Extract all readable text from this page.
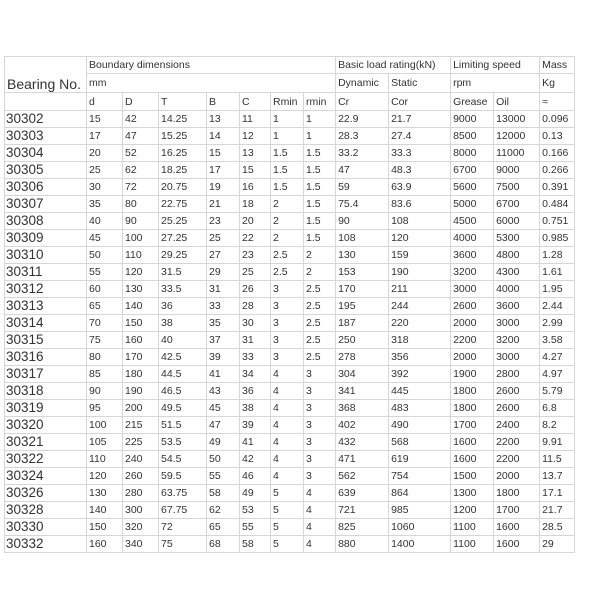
Bearing No.	Boundary dimensions							Basic load rating(kN)		Limiting speed		Mass
	mm							Dynamic	Static	rpm		Kg
	d	D	T	B	C	Rmin	rmin	Cr	Cor	Grease	Oil	≈
30302	15	42	14.25	13	11	1	1	22.9	21.7	9000	13000	0.096
30303	17	47	15.25	14	12	1	1	28.3	27.4	8500	12000	0.13
30304	20	52	16.25	15	13	1.5	1.5	33.2	33.3	8000	11000	0.166
30305	25	62	18.25	17	15	1.5	1.5	47	48.3	6700	9000	0.266
30306	30	72	20.75	19	16	1.5	1.5	59	63.9	5600	7500	0.391
30307	35	80	22.75	21	18	2	1.5	75.4	83.6	5000	6700	0.484
30308	40	90	25.25	23	20	2	1.5	90	108	4500	6000	0.751
30309	45	100	27.25	25	22	2	1.5	108	120	4000	5300	0.985
30310	50	110	29.25	27	23	2.5	2	130	159	3600	4800	1.28
30311	55	120	31.5	29	25	2.5	2	153	190	3200	4300	1.61
30312	60	130	33.5	31	26	3	2.5	170	211	3000	4000	1.95
30313	65	140	36	33	28	3	2.5	195	244	2600	3600	2.44
30314	70	150	38	35	30	3	2.5	187	220	2000	3000	2.99
30315	75	160	40	37	31	3	2.5	250	318	2200	3200	3.58
30316	80	170	42.5	39	33	3	2.5	278	356	2000	3000	4.27
30317	85	180	44.5	41	34	4	3	304	392	1900	2800	4.97
30318	90	190	46.5	43	36	4	3	341	445	1800	2600	5.79
30319	95	200	49.5	45	38	4	3	368	483	1800	2600	6.8
30320	100	215	51.5	47	39	4	3	402	490	1700	2400	8.2
30321	105	225	53.5	49	41	4	3	432	568	1600	2200	9.91
30322	110	240	54.5	50	42	4	3	471	619	1600	2200	11.5
30324	120	260	59.5	55	46	4	3	562	754	1500	2000	13.7
30326	130	280	63.75	58	49	5	4	639	864	1300	1800	17.1
30328	140	300	67.75	62	53	5	4	721	985	1200	1700	21.7
30330	150	320	72	65	55	5	4	825	1060	1100	1600	28.5
30332	160	340	75	68	58	5	4	880	1400	1100	1600	29
